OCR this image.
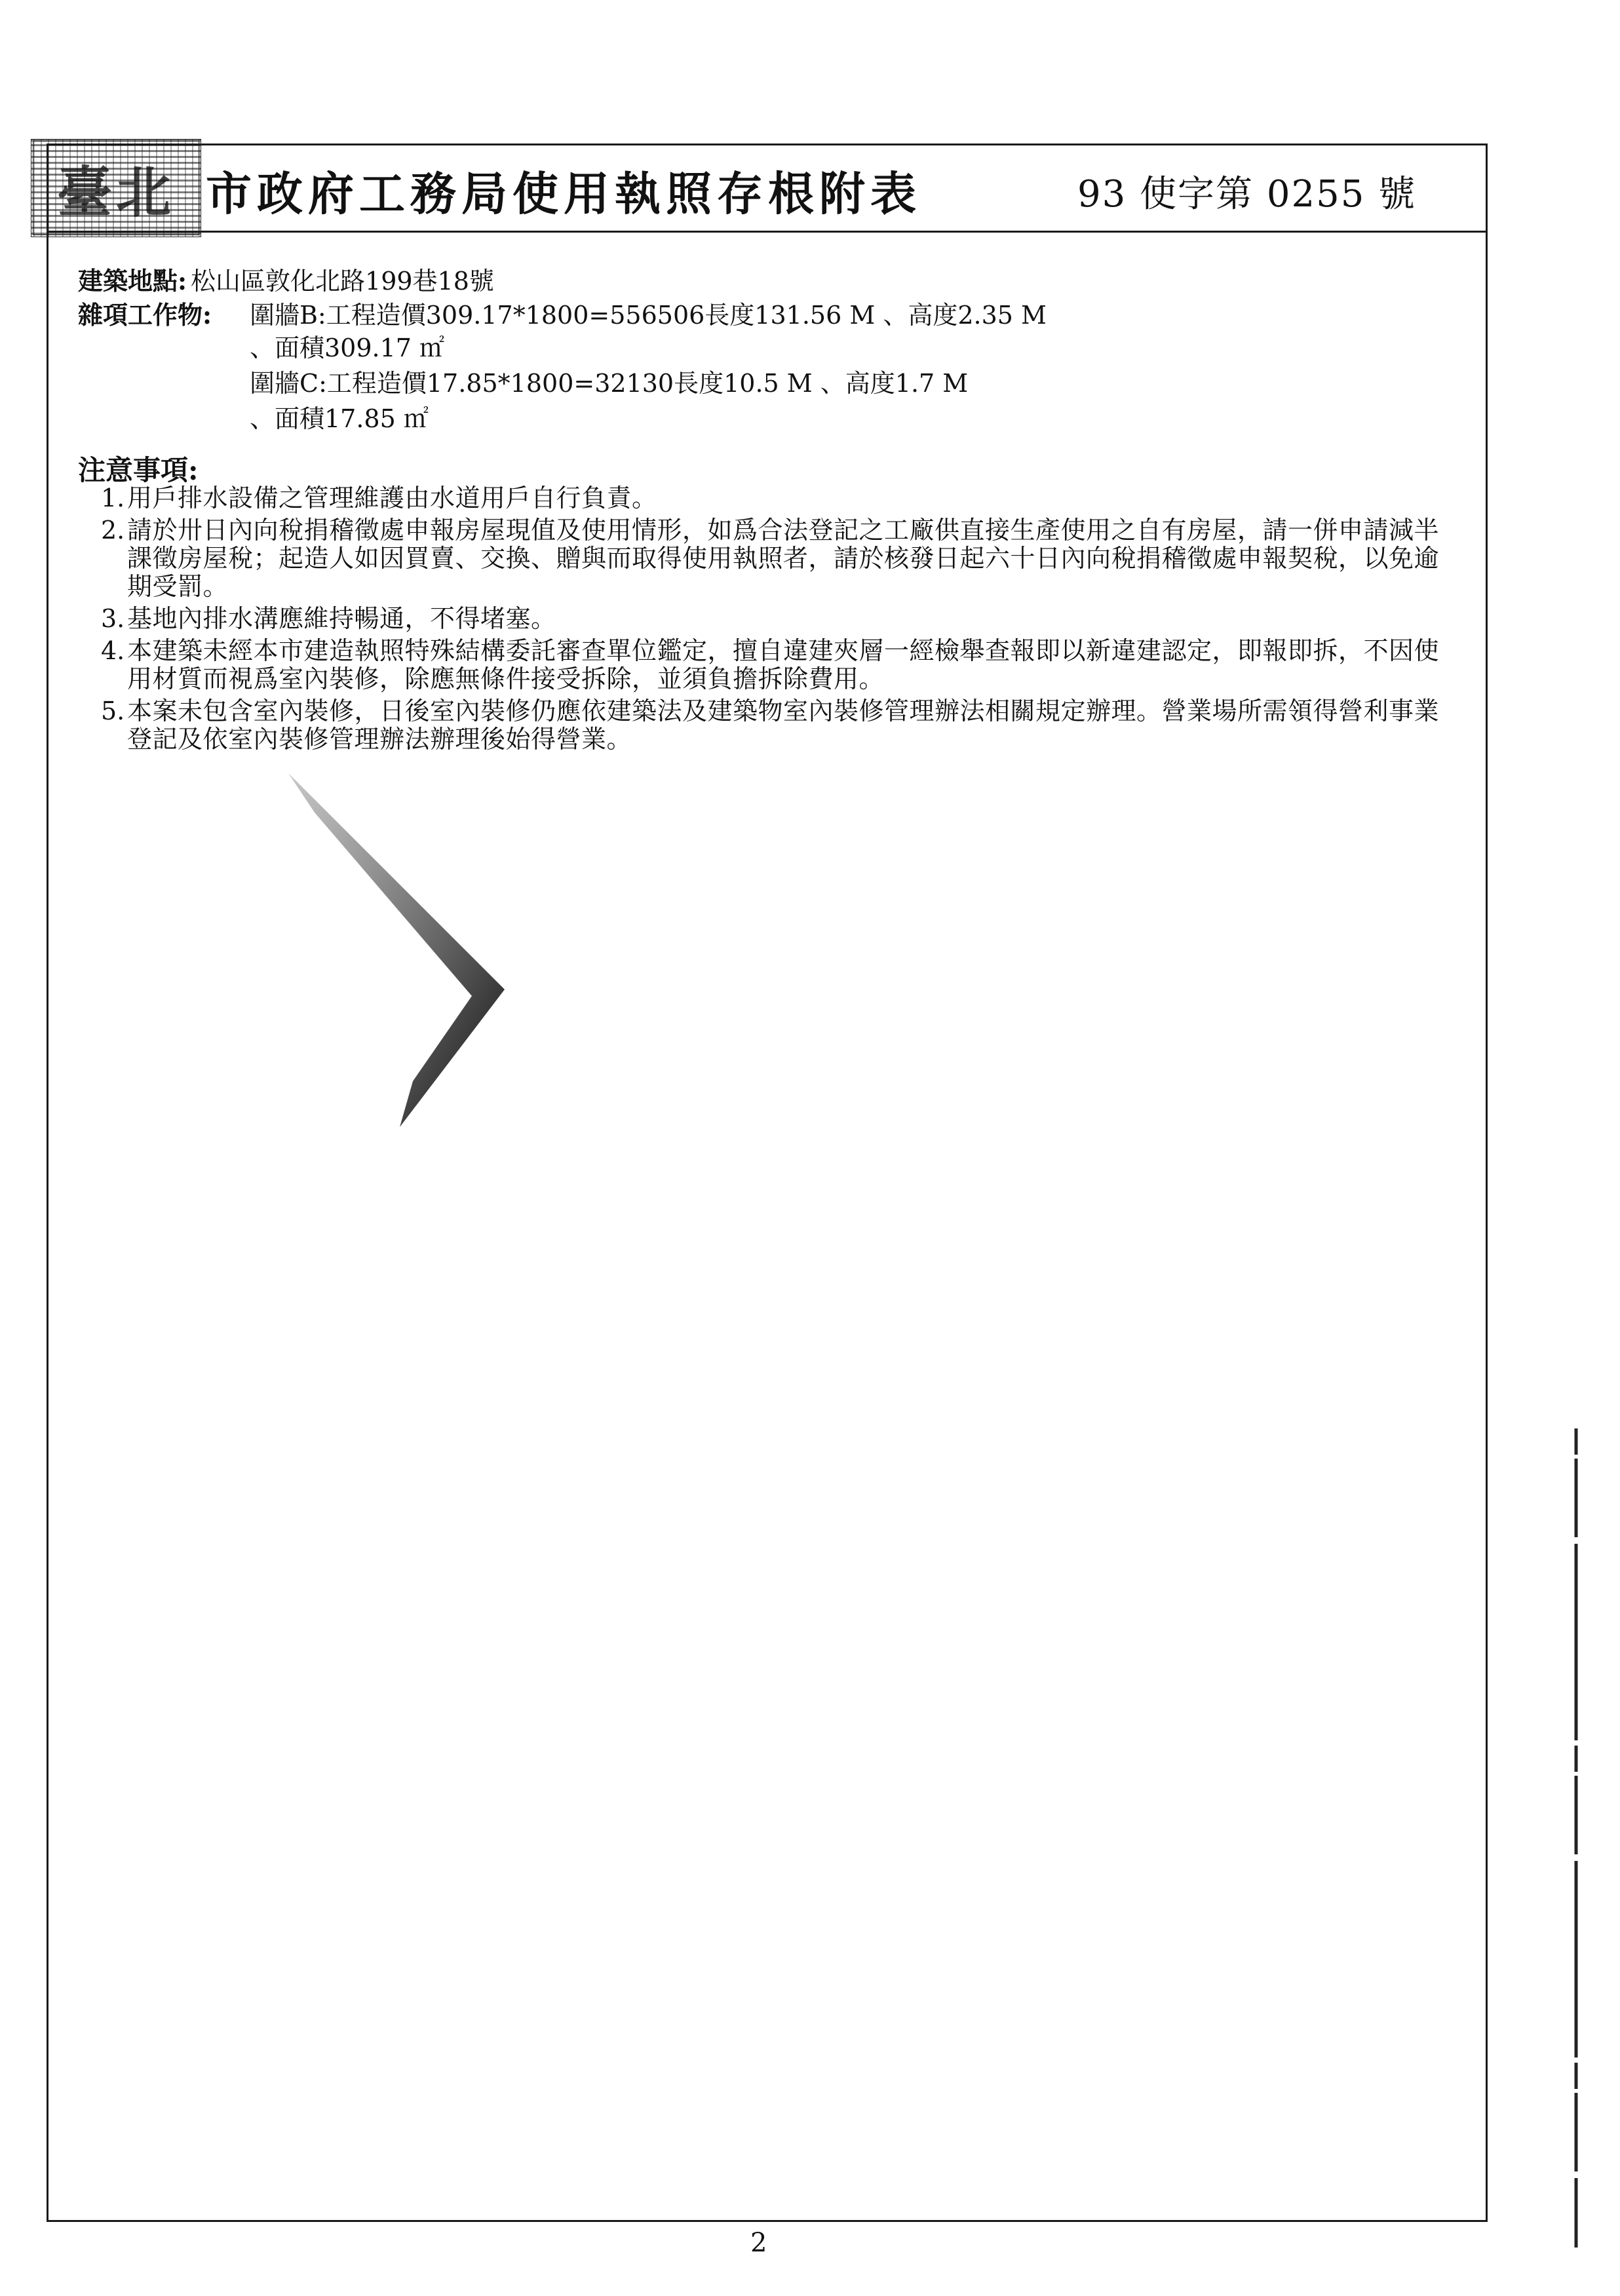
臺北 市政府工務局使用執照存根附表	93 使字第 0255 號
建築地點: 松山區敦化北路199巷18號
雜項工作物: 圍牆B:工程造價309.17*1800=556506長度131.56 M 、高度2.35 M
、面積309.17 ㎡
圍牆C:工程造價17.85*1800=32130長度10.5 M 、高度1.7 M
、面積17.85 ㎡
注意事項:
1. 用戶排水設備之管理維護由水道用戶自行負責。
2. 請於卅日內向稅捐稽徵處申報房屋現值及使用情形，如爲合法登記之工廠供直接生產使用之自有房屋，請一併申請減半課徵房屋稅；起造人如因買賣、交換、贈與而取得使用執照者，請於核發日起六十日內向稅捐稽徵處申報契稅，以免逾期受罰。
3. 基地內排水溝應維持暢通，不得堵塞。
4. 本建築未經本市建造執照特殊結構委託審查單位鑑定，擅自違建夾層一經檢舉查報即以新違建認定，即報即拆，不因使用材質而視爲室內裝修，除應無條件接受拆除，並須負擔拆除費用。
5. 本案未包含室內裝修，日後室內裝修仍應依建築法及建築物室內裝修管理辦法相關規定辦理。營業場所需領得營利事業登記及依室內裝修管理辦法辦理後始得營業。
2
